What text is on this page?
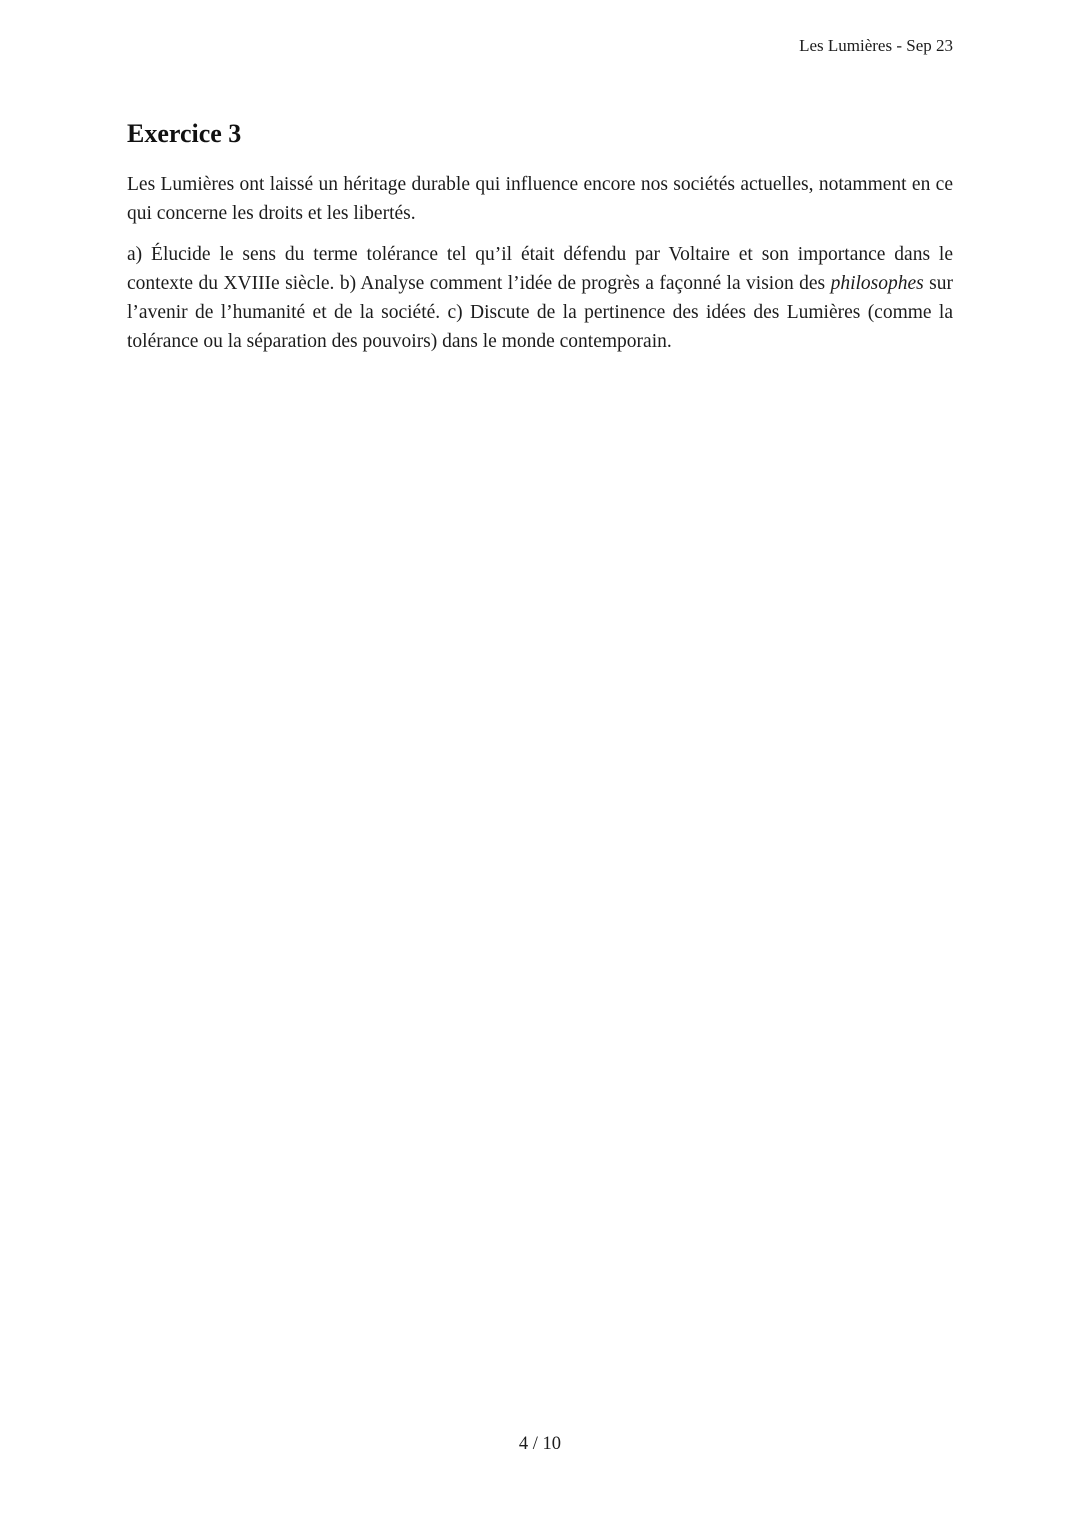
Les Lumières - Sep 23
Exercice 3

Les Lumières ont laissé un héritage durable qui influence encore nos sociétés actuelles, notamment en ce qui concerne les droits et les libertés.

a) Élucide le sens du terme tolérance tel qu’il était défendu par Voltaire et son importance dans le contexte du XVIIIe siècle. b) Analyse comment l’idée de progrès a façonné la vision des philosophes sur l’avenir de l’humanité et de la société. c) Discute de la pertinence des idées des Lumières (comme la tolérance ou la séparation des pouvoirs) dans le monde contemporain.

4 / 10
